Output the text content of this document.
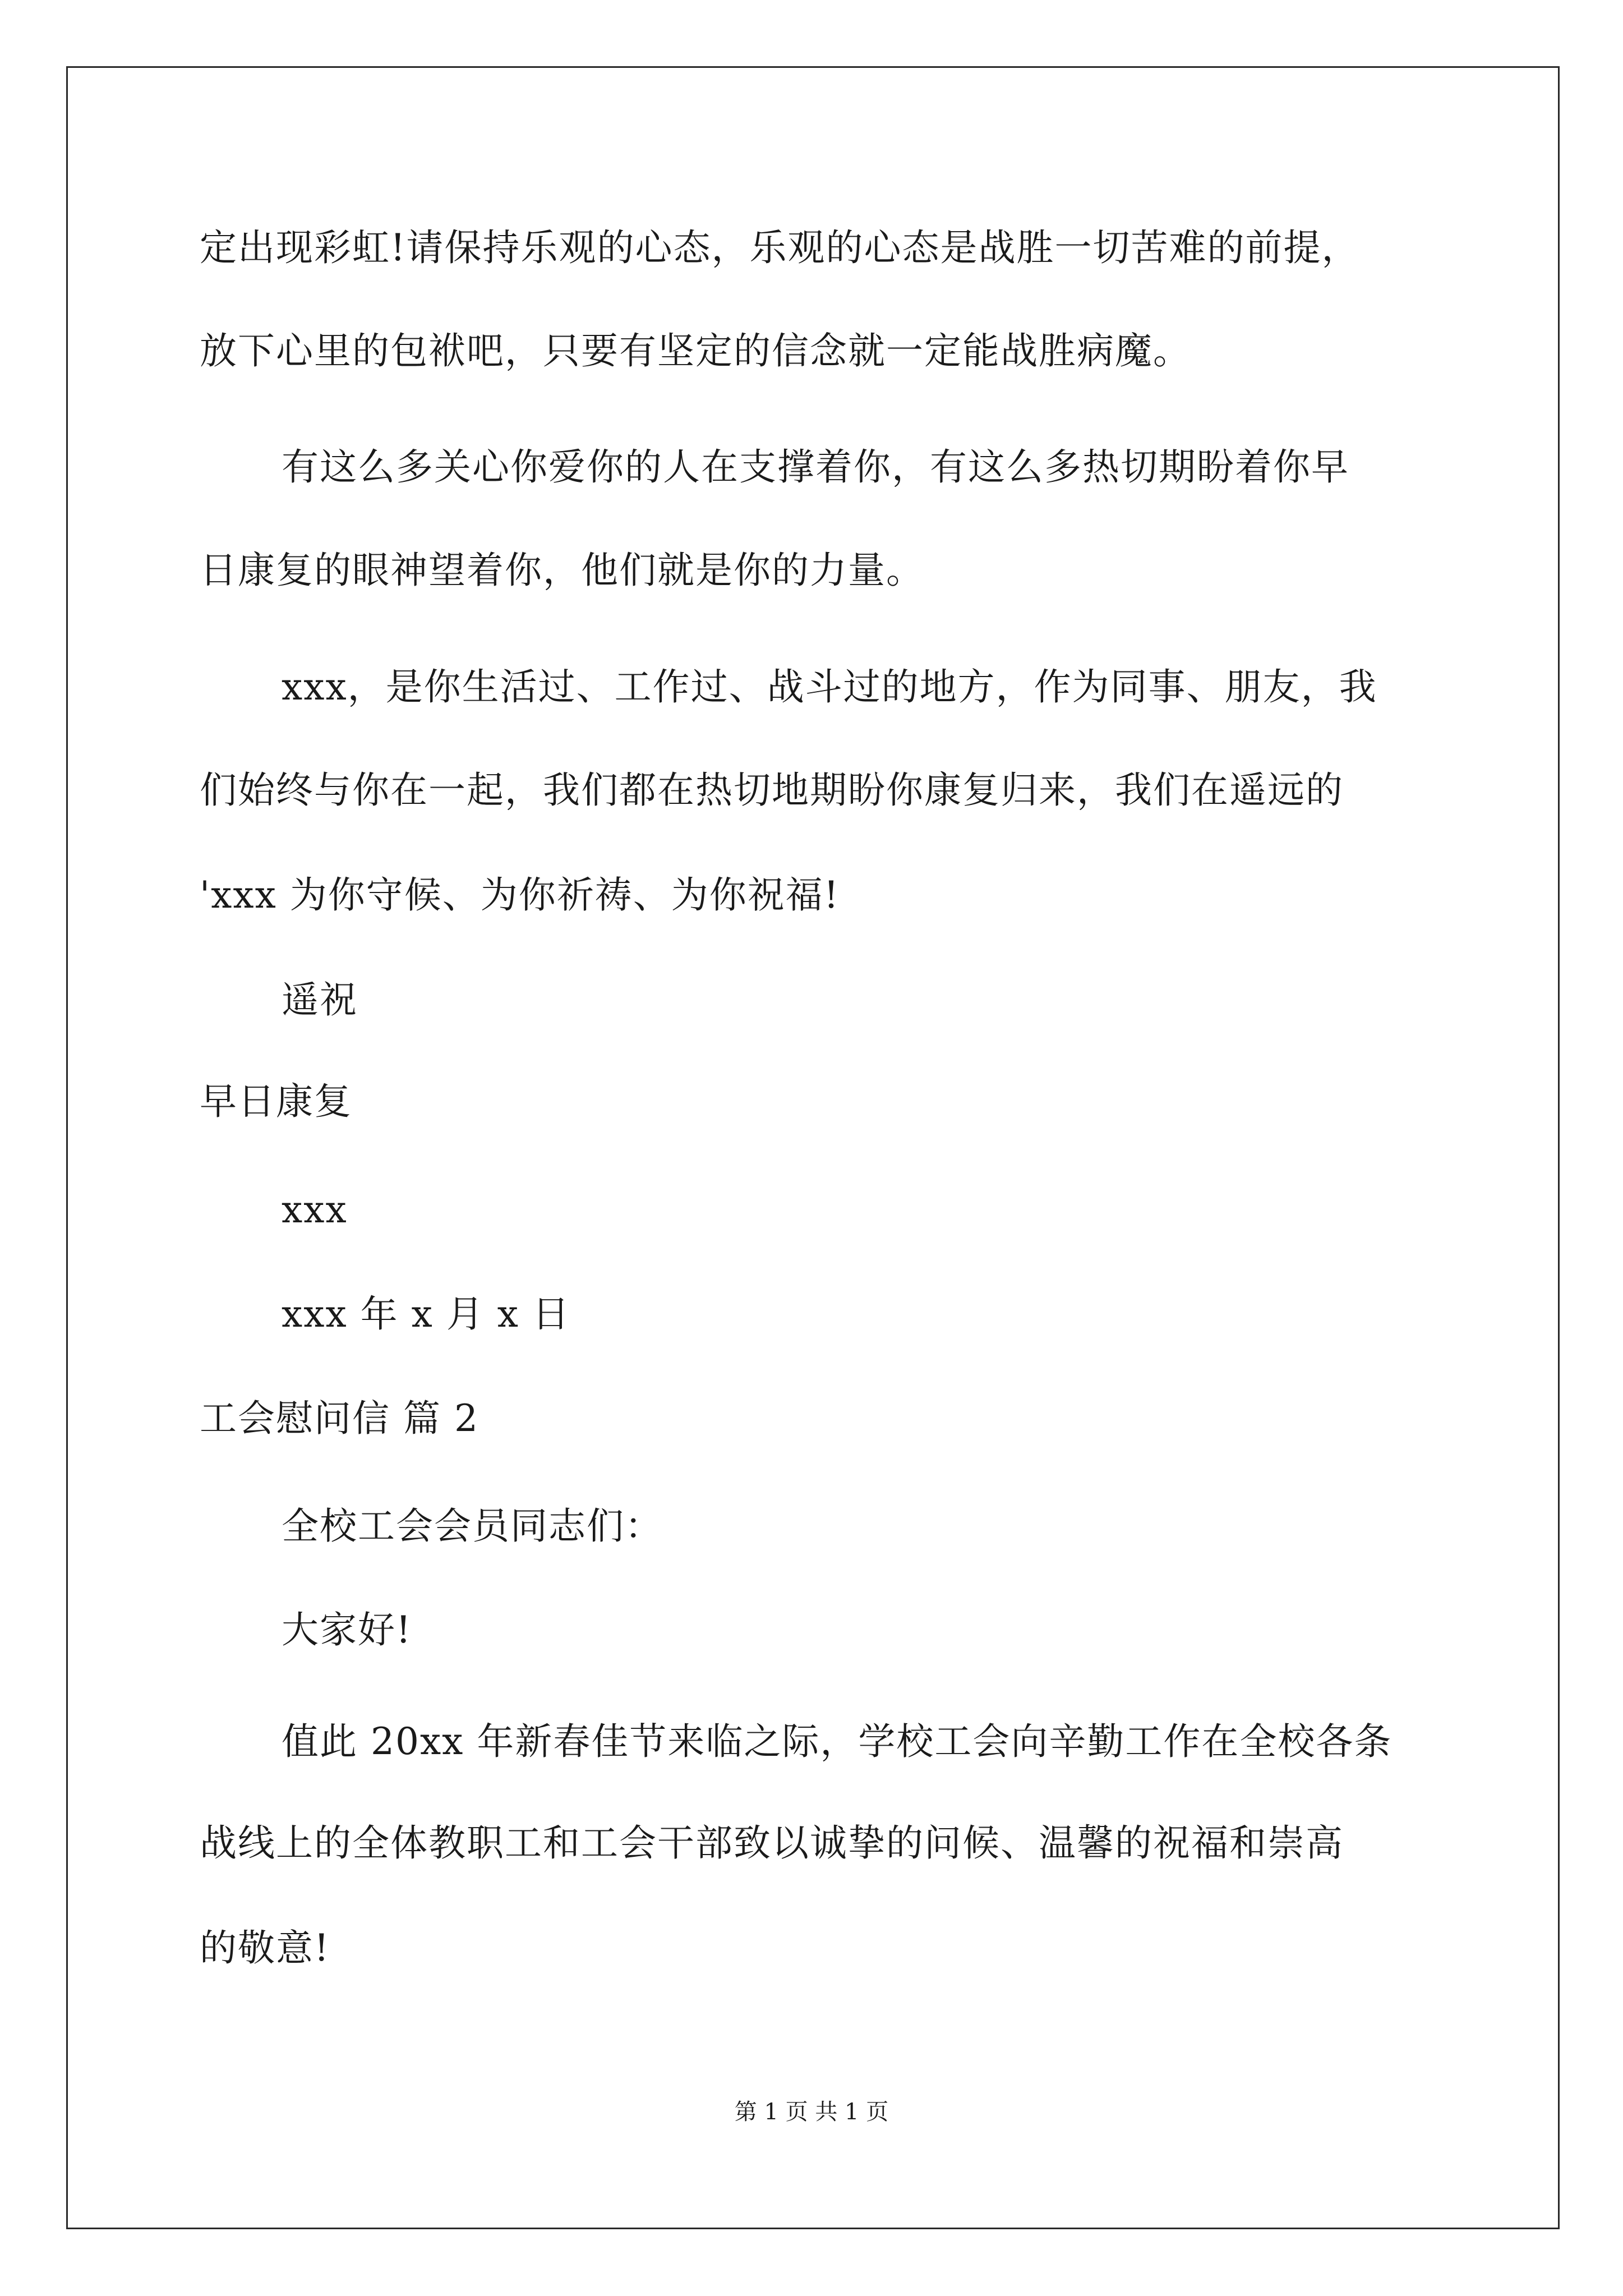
定出现彩虹!请保持乐观的心态，乐观的心态是战胜一切苦难的前提，

放下心里的包袱吧，只要有坚定的信念就一定能战胜病魔。

有这么多关心你爱你的人在支撑着你，有这么多热切期盼着你早

日康复的眼神望着你，他们就是你的力量。

xxx，是你生活过、工作过、战斗过的地方，作为同事、朋友，我

们始终与你在一起，我们都在热切地期盼你康复归来，我们在遥远的

'xxx 为你守候、为你祈祷、为你祝福!

遥祝

早日康复

xxx

xxx 年 x 月 x 日

工会慰问信 篇 2

全校工会会员同志们：

大家好!

值此 20xx 年新春佳节来临之际，学校工会向辛勤工作在全校各条

战线上的全体教职工和工会干部致以诚挚的问候、温馨的祝福和崇高

的敬意!

第 1 页 共 1 页
